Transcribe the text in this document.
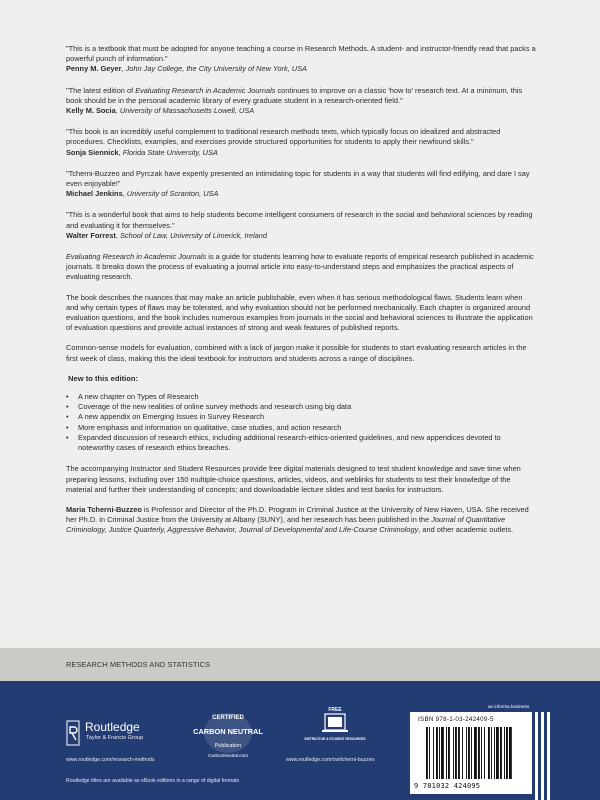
"This is a textbook that must be adopted for anyone teaching a course in Research Methods. A student- and instructor-friendly read that packs a powerful punch of information."
Penny M. Geyer, John Jay College, the City University of New York, USA

"The latest edition of Evaluating Research in Academic Journals continues to improve on a classic 'how to' research text. At a minimum, this book should be in the personal academic library of every graduate student in a research-oriented field."
Kelly M. Socia, University of Massachusetts Lowell, USA

"This book is an incredibly useful complement to traditional research methods texts, which typically focus on idealized and abstracted procedures. Checklists, examples, and exercises provide structured opportunities for students to apply their newfound skills."
Sonja Siennick, Florida State University, USA

"Tcherni-Buzzeo and Pyrczak have expertly presented an intimidating topic for students in a way that students will find edifying, and dare I say even enjoyable!"
Michael Jenkins, University of Scranton, USA

"This is a wonderful book that aims to help students become intelligent consumers of research in the social and behavioral sciences by reading and evaluating it for themselves."
Walter Forrest, School of Law, University of Limerick, Ireland

Evaluating Research in Academic Journals is a guide for students learning how to evaluate reports of empirical research published in academic journals. It breaks down the process of evaluating a journal article into easy-to-understand steps and emphasizes the practical aspects of evaluating research.

The book describes the nuances that may make an article publishable, even when it has serious methodological flaws. Students learn when and why certain types of flaws may be tolerated, and why evaluation should not be performed mechanically. Each chapter is organized around evaluation questions, and the book includes numerous examples from journals in the social and behavioral sciences to illustrate the application of evaluation questions and provide actual instances of strong and weak features of published reports.

Common-sense models for evaluation, combined with a lack of jargon make it possible for students to start evaluating research articles in the first week of class, making this the ideal textbook for instructors and students across a range of disciplines.

New to this edition:

• A new chapter on Types of Research
• Coverage of the new realities of online survey methods and research using big data
• A new appendix on Emerging Issues in Survey Research
• More emphasis and information on qualitative, case studies, and action research
• Expanded discussion of research ethics, including additional research-ethics-oriented guidelines, and new appendices devoted to noteworthy cases of research ethics breaches.

The accompanying Instructor and Student Resources provide free digital materials designed to test student knowledge and save time when preparing lessons, including over 150 multiple-choice questions, articles, videos, and weblinks for students to test their knowledge of the material and further their understanding of concepts; and downloadable lecture slides and test banks for instructors.

Maria Tcherni-Buzzeo is Professor and Director of the Ph.D. Program in Criminal Justice at the University of New Haven, USA. She received her Ph.D. in Criminal Justice from the University at Albany (SUNY), and her research has been published in the Journal of Quantitative Criminology, Justice Quarterly, Aggressive Behavior, Journal of Developmental and Life-Course Criminology, and other academic outlets.

RESEARCH METHODS AND STATISTICS
Routledge
Taylor & Francis Group
www.routledge.com/research-methods
Routledge titles are available as eBook editions in a range of digital formats
CERTIFIED
CARBON NEUTRAL
Publication
CarbonNeutral.com
FREE
INSTRUCTOR & STUDENT RESOURCES
www.routledge.com/cw/tcherni-buzzeo
an informa business
ISBN 978-1-03-242409-5
9 781032 424095
